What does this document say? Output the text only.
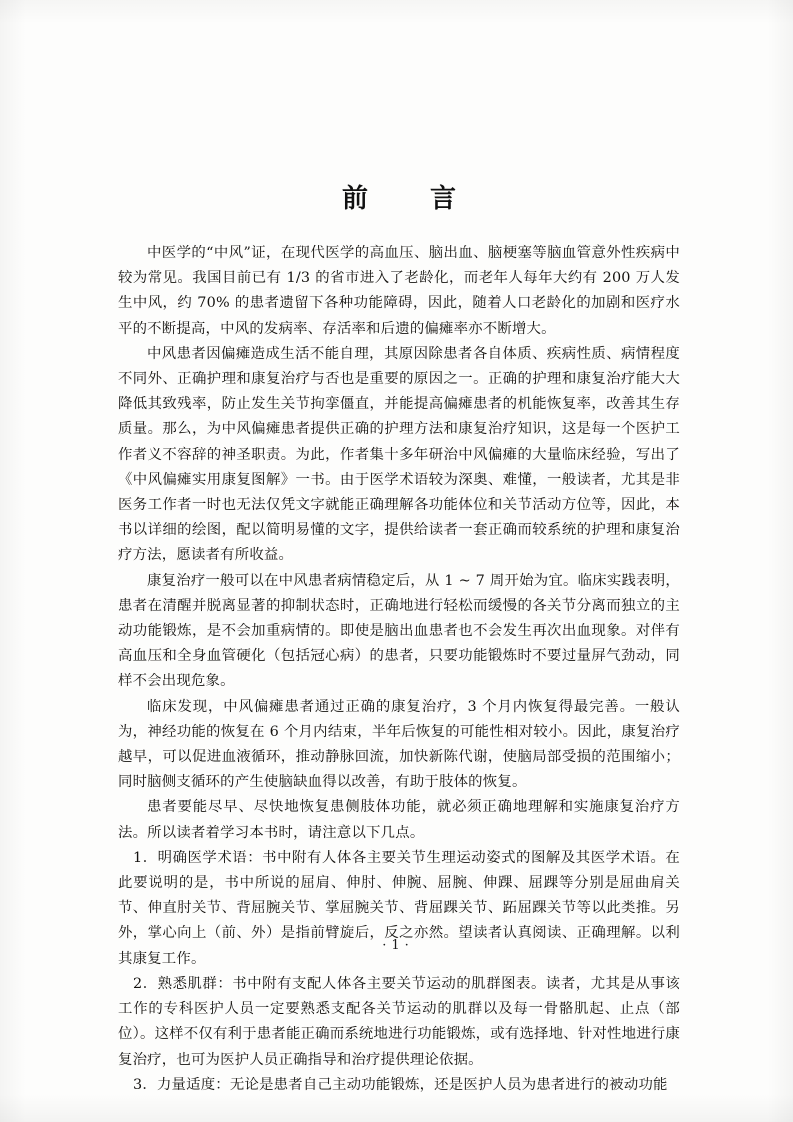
前　言

中医学的“中风”证，在现代医学的高血压、脑出血、脑梗塞等脑血管意外性疾病中较为常见。我国目前已有 1/3 的省市进入了老龄化，而老年人每年大约有 200 万人发生中风，约 70% 的患者遗留下各种功能障碍，因此，随着人口老龄化的加剧和医疗水平的不断提高，中风的发病率、存活率和后遗的偏瘫率亦不断增大。

中风患者因偏瘫造成生活不能自理，其原因除患者各自体质、疾病性质、病情程度不同外、正确护理和康复治疗与否也是重要的原因之一。正确的护理和康复治疗能大大降低其致残率，防止发生关节拘挛僵直，并能提高偏瘫患者的机能恢复率，改善其生存质量。那么，为中风偏瘫患者提供正确的护理方法和康复治疗知识，这是每一个医护工作者义不容辞的神圣职责。为此，作者集十多年研治中风偏瘫的大量临床经验，写出了《中风偏瘫实用康复图解》一书。由于医学术语较为深奥、难懂，一般读者，尤其是非医务工作者一时也无法仅凭文字就能正确理解各功能体位和关节活动方位等，因此，本书以详细的绘图，配以简明易懂的文字，提供给读者一套正确而较系统的护理和康复治疗方法，愿读者有所收益。

康复治疗一般可以在中风患者病情稳定后，从 1 ~ 7 周开始为宜。临床实践表明，患者在清醒并脱离显著的抑制状态时，正确地进行轻松而缓慢的各关节分离而独立的主动功能锻炼，是不会加重病情的。即使是脑出血患者也不会发生再次出血现象。对伴有高血压和全身血管硬化（包括冠心病）的患者，只要功能锻炼时不要过量屏气劲动，同样不会出现危象。

临床发现，中风偏瘫患者通过正确的康复治疗，3 个月内恢复得最完善。一般认为，神经功能的恢复在 6 个月内结束，半年后恢复的可能性相对较小。因此，康复治疗越早，可以促进血液循环，推动静脉回流，加快新陈代谢，使脑局部受损的范围缩小；同时脑侧支循环的产生使脑缺血得以改善，有助于肢体的恢复。

患者要能尽早、尽快地恢复患侧肢体功能，就必须正确地理解和实施康复治疗方法。所以读者着学习本书时，请注意以下几点。

1．明确医学术语：书中附有人体各主要关节生理运动姿式的图解及其医学术语。在此要说明的是，书中所说的屈肩、伸肘、伸腕、屈腕、伸踝、屈踝等分别是屈曲肩关节、伸直肘关节、背屈腕关节、掌屈腕关节、背屈踝关节、跖屈踝关节等以此类推。另外，掌心向上（前、外）是指前臂旋后，反之亦然。望读者认真阅读、正确理解。以利其康复工作。

2．熟悉肌群：书中附有支配人体各主要关节运动的肌群图表。读者，尤其是从事该工作的专科医护人员一定要熟悉支配各关节运动的肌群以及每一骨骼肌起、止点（部位）。这样不仅有利于患者能正确而系统地进行功能锻炼，或有选择地、针对性地进行康复治疗，也可为医护人员正确指导和治疗提供理论依据。

3．力量适度：无论是患者自己主动功能锻炼，还是医护人员为患者进行的被动功能

· 1 ·
